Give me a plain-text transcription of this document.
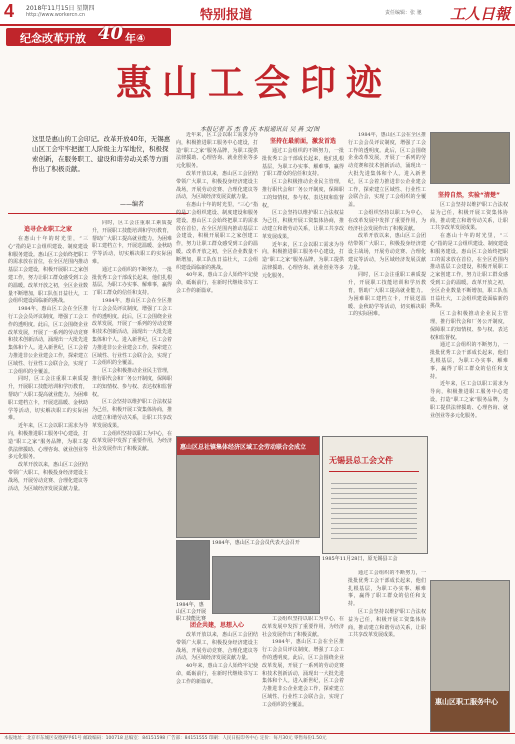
4 2018年11月15日 星期四
http://www.workercn.cn	特别报道	责任编辑：张 驰 工人日報
纪念改革开放 40 年④
惠山工会印迹
本报记者 苏 杰 鲁 庆 本报通讯员 吴 燕 文/图
这里是惠山的工会印记。改革开放40年，无锡惠山区工会牢牢把握工人阶级主力军地位，积极探索创新，在服务职工、建设和谐劳动关系等方面作出了积极贡献。
——编者
追寻企业职工之家
在惠山十年的时光里，“三心”指的是工会组织建设、制度建设和服务建设。惠山区工会始终把职工的需求放在首位，在全区范围内推动基层工会建设，积极开展职工之家创建工作，努力让职工群众感受到工会的温暖。改革开放之初，全区企业数量不断增加，职工队伍日益壮大，工会组织建设面临新的挑战。
1984年，惠山区工会在全区推行工会会员评议制度，增强了工会工作的透明度。此后，区工会围绕企业改革发展，开展了一系列的劳动竞赛和技术创新活动，涌现出一大批先进集体和个人。进入新世纪，区工会着力推进非公企业建会工作，探索建立区域性、行业性工会联合会，实现了工会组织的全覆盖。
同时，区工会注重职工素质提升，开展职工技能培训和学历教育，帮助广大职工提高就业能力。为困难职工建档立卡，开展送温暖、金秋助学等活动，切实解决职工的实际困难。
近年来，区工会以职工需求为导向，积极推进职工服务中心建设，打造“职工之家”服务品牌，为职工提供法律援助、心理咨询、就业创业等多元化服务。
改革开放以来，惠山区工会团结带领广大职工，积极投身经济建设主战场，开展劳动竞赛、合理化建议等活动，为区域经济发展贡献力量。
同时，区工会注重职工素质提升，开展职工技能培训和学历教育，帮助广大职工提高就业能力。为困难职工建档立卡，开展送温暖、金秋助学等活动，切实解决职工的实际困难。
通过工会组织的不断努力，一批批优秀工会干部成长起来，他们扎根基层，为职工办实事、解难事，赢得了职工群众的信任和支持。
1984年，惠山区工会在全区推行工会会员评议制度，增强了工会工作的透明度。此后，区工会围绕企业改革发展，开展了一系列的劳动竞赛和技术创新活动，涌现出一大批先进集体和个人。进入新世纪，区工会着力推进非公企业建会工作，探索建立区域性、行业性工会联合会，实现了工会组织的全覆盖。
区工会积极推动企业民主管理，推行职代会和厂务公开制度，保障职工的知情权、参与权、表达权和监督权。
区工会坚持以维护职工合法权益为己任，积极开展工资集体协商，推动建立和谐劳动关系，让职工共享改革发展成果。
工会组织坚持以职工为中心，在改革发展中发挥了重要作用，为经济社会发展作出了积极贡献。
近年来，区工会以职工需求为导向，积极推进职工服务中心建设，打造“职工之家”服务品牌，为职工提供法律援助、心理咨询、就业创业等多元化服务。
改革开放以来，惠山区工会团结带领广大职工，积极投身经济建设主战场，开展劳动竞赛、合理化建议等活动，为区域经济发展贡献力量。
在惠山十年的时光里，“三心”指的是工会组织建设、制度建设和服务建设。惠山区工会始终把职工的需求放在首位，在全区范围内推动基层工会建设，积极开展职工之家创建工作，努力让职工群众感受到工会的温暖。改革开放之初，全区企业数量不断增加，职工队伍日益壮大，工会组织建设面临新的挑战。
40年来，惠山工会人始终牢记使命，砥砺前行，在新时代继续书写工会工作的新篇章。
坚持在最前面，激发首选
通过工会组织的不断努力，一批批优秀工会干部成长起来，他们扎根基层，为职工办实事、解难事，赢得了职工群众的信任和支持。
区工会积极推动企业民主管理，推行职代会和厂务公开制度，保障职工的知情权、参与权、表达权和监督权。
区工会坚持以维护职工合法权益为己任，积极开展工资集体协商，推动建立和谐劳动关系，让职工共享改革发展成果。
近年来，区工会以职工需求为导向，积极推进职工服务中心建设，打造“职工之家”服务品牌，为职工提供法律援助、心理咨询、就业创业等多元化服务。
1984年，惠山区工会在全区推行工会会员评议制度，增强了工会工作的透明度。此后，区工会围绕企业改革发展，开展了一系列的劳动竞赛和技术创新活动，涌现出一大批先进集体和个人。进入新世纪，区工会着力推进非公企业建会工作，探索建立区域性、行业性工会联合会，实现了工会组织的全覆盖。
工会组织坚持以职工为中心，在改革发展中发挥了重要作用，为经济社会发展作出了积极贡献。
改革开放以来，惠山区工会团结带领广大职工，积极投身经济建设主战场，开展劳动竞赛、合理化建议等活动，为区域经济发展贡献力量。
同时，区工会注重职工素质提升，开展职工技能培训和学历教育，帮助广大职工提高就业能力。为困难职工建档立卡，开展送温暖、金秋助学等活动，切实解决职工的实际困难。
坚持自然，实验“清楚”
区工会坚持以维护职工合法权益为己任，积极开展工资集体协商，推动建立和谐劳动关系，让职工共享改革发展成果。
在惠山十年的时光里，“三心”指的是工会组织建设、制度建设和服务建设。惠山区工会始终把职工的需求放在首位，在全区范围内推动基层工会建设，积极开展职工之家创建工作，努力让职工群众感受到工会的温暖。改革开放之初，全区企业数量不断增加，职工队伍日益壮大，工会组织建设面临新的挑战。
区工会积极推动企业民主管理，推行职代会和厂务公开制度，保障职工的知情权、参与权、表达权和监督权。
通过工会组织的不断努力，一批批优秀工会干部成长起来，他们扎根基层，为职工办实事、解难事，赢得了职工群众的信任和支持。
近年来，区工会以职工需求为导向，积极推进职工服务中心建设，打造“职工之家”服务品牌，为职工提供法律援助、心理咨询、就业创业等多元化服务。
惠山区总社镇集体经济区域工会劳动联合会成立
无锡县总工会文件
1984年，惠山区工会会员代表大会召开
1984年，惠山区工会开展职工技能比赛
1985年11月28日，原无锡县工会
团企共建，思想入心
改革开放以来，惠山区工会团结带领广大职工，积极投身经济建设主战场，开展劳动竞赛、合理化建议等活动，为区域经济发展贡献力量。
40年来，惠山工会人始终牢记使命，砥砺前行，在新时代继续书写工会工作的新篇章。
工会组织坚持以职工为中心，在改革发展中发挥了重要作用，为经济社会发展作出了积极贡献。
1984年，惠山区工会在全区推行工会会员评议制度，增强了工会工作的透明度。此后，区工会围绕企业改革发展，开展了一系列的劳动竞赛和技术创新活动，涌现出一大批先进集体和个人。进入新世纪，区工会着力推进非公企业建会工作，探索建立区域性、行业性工会联合会，实现了工会组织的全覆盖。
通过工会组织的不断努力，一批批优秀工会干部成长起来，他们扎根基层，为职工办实事、解难事，赢得了职工群众的信任和支持。
区工会坚持以维护职工合法权益为己任，积极开展工资集体协商，推动建立和谐劳动关系，让职工共享改革发展成果。
惠山区职工服务中心
本报地址：北京市东城区安德路甲61号 邮政编码：100718 总编室：84151598 广告部：84151555 印刷：人民日报印务中心 定价：每月30元 零售每份1.50元
